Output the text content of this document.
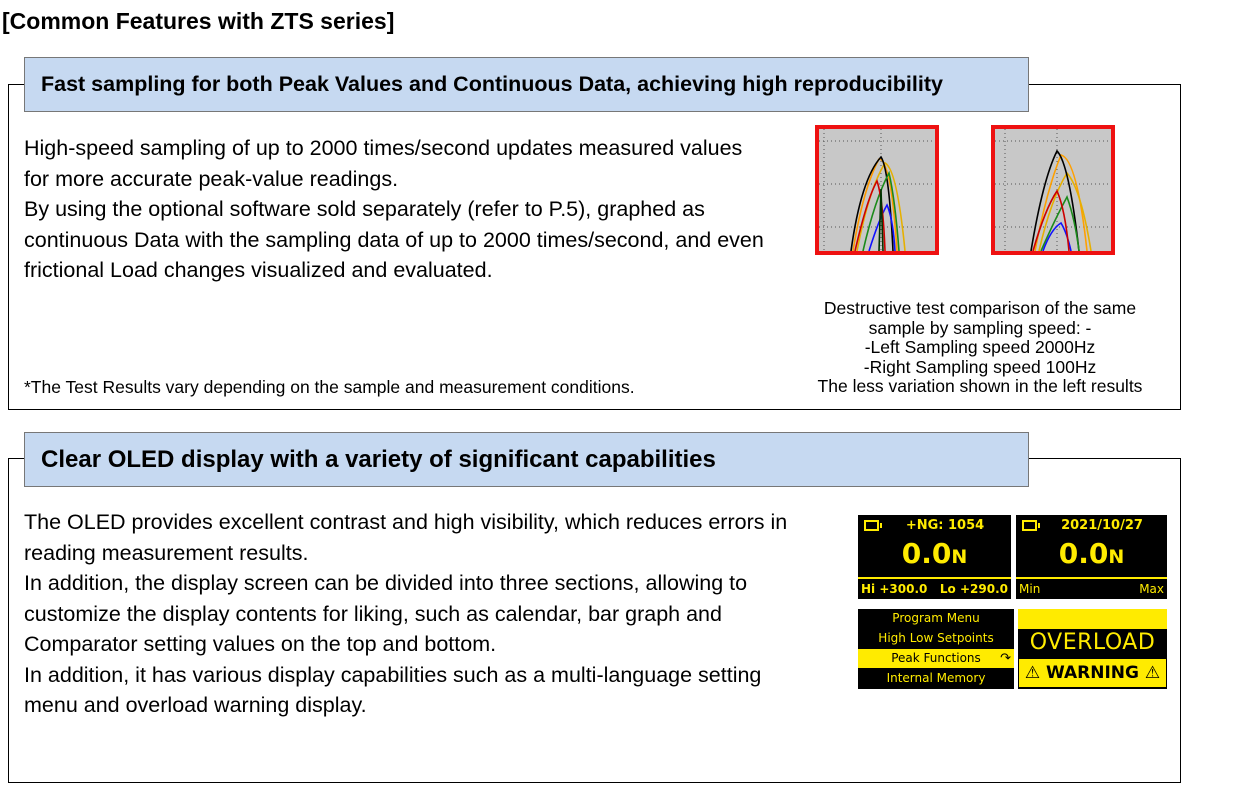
[Common Features with ZTS series]
Fast sampling for both Peak Values and Continuous Data, achieving high reproducibility

High-speed sampling of up to 2000 times/second updates measured values for more accurate peak-value readings.

By using the optional software sold separately (refer to P.5), graphed as continuous Data with the sampling data of up to 2000 times/second, and even frictional Load changes visualized and evaluated.

*The Test Results vary depending on the sample and measurement conditions.
Destructive test comparison of the same
sample by sampling speed: -
-Left Sampling speed 2000Hz
-Right Sampling speed 100Hz
The less variation shown in the left results
Clear OLED display with a variety of significant capabilities

The OLED provides excellent contrast and high visibility, which reduces errors in reading measurement results.

In addition, the display screen can be divided into three sections, allowing to customize the display contents for liking, such as calendar, bar graph and Comparator setting values on the top and bottom.

In addition, it has various display capabilities such as a multi-language setting menu and overload warning display.

+NG: 1054
0.0N
Hi +300.0 Lo +290.0
2021/10/27
0.0N
Min	Max
Program Menu
High Low Setpoints
Peak Functions ↷
Internal Memory
OVERLOAD
⚠ WARNING ⚠
